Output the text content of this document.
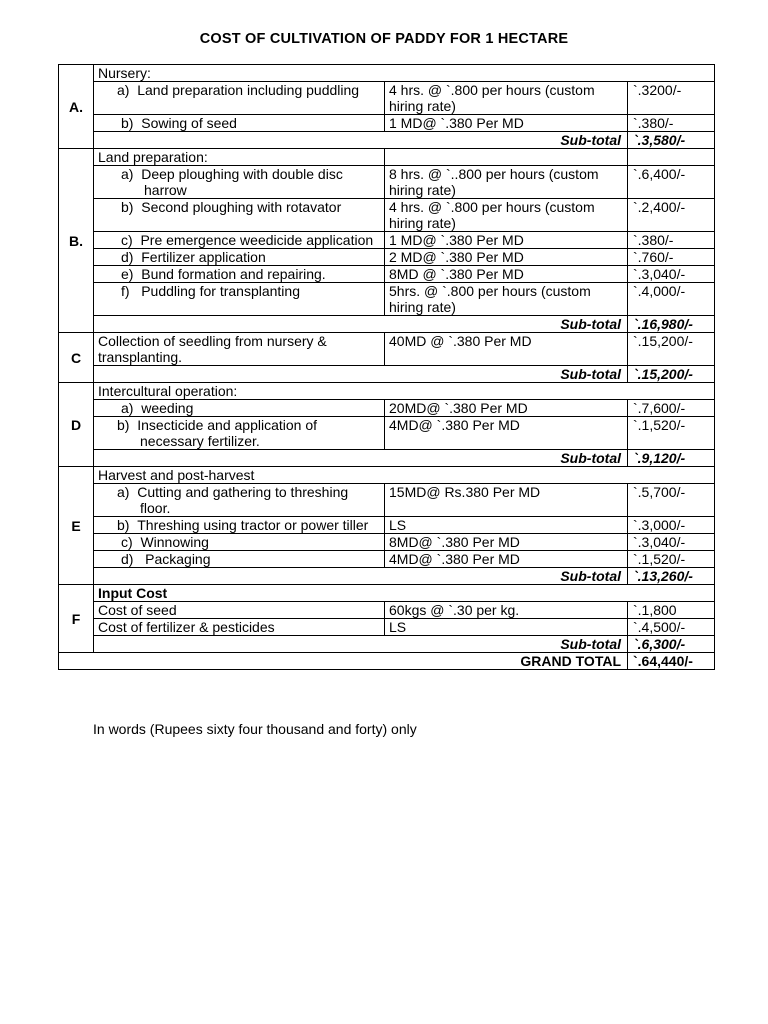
COST OF CULTIVATION OF PADDY FOR 1 HECTARE
A.	Nursery:		
	a)  Land preparation including puddling	4 hrs. @ `.800 per hours (custom hiring rate)	`.3200/-
	b)  Sowing of seed	1 MD@ `.380 Per MD	`.380/-
	Sub-total		`.3,580/-
B.	Land preparation:		
	a)  Deep ploughing with double disc harrow	8 hrs. @ `..800 per hours (custom hiring rate)	`.6,400/-
	b)  Second ploughing with rotavator	4 hrs. @ `.800 per hours (custom hiring rate)	`.2,400/-
	c)  Pre emergence weedicide application	1 MD@ `.380 Per MD	`.380/-
	d)  Fertilizer application	2 MD@ `.380 Per MD	`.760/-
	e)  Bund formation and repairing.	8MD @ `.380 Per MD	`.3,040/-
	f)   Puddling for transplanting	5hrs. @ `.800 per hours (custom hiring rate)	`.4,000/-
	Sub-total		`.16,980/-
C	Collection of seedling from nursery & transplanting.	40MD @ `.380 Per MD	`.15,200/-
	Sub-total		`.15,200/-
D	Intercultural operation:		
	a)  weeding	20MD@ `.380 Per MD	`.7,600/-
	b)  Insecticide and application of necessary fertilizer.	4MD@ `.380 Per MD	`.1,520/-
	Sub-total		`.9,120/-
E	Harvest and post-harvest		
	a)  Cutting and gathering to threshing floor.	15MD@ Rs.380 Per MD	`.5,700/-
	b)  Threshing using tractor or power tiller	LS	`.3,000/-
	c)  Winnowing	8MD@ `.380 Per MD	`.3,040/-
	d)   Packaging	4MD@ `.380 Per MD	`.1,520/-
	Sub-total		`.13,260/-
F	Input Cost		
	Cost of seed	60kgs @ `.30 per kg.	`.1,800
	Cost of fertilizer & pesticides	LS	`.4,500/-
	Sub-total		`.6,300/-
GRAND TOTAL			`.64,440/-
In words (Rupees sixty four thousand and forty) only
